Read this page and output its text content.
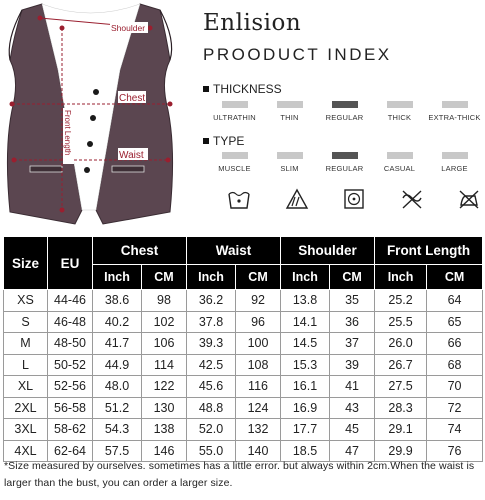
Shoulder
Chest
Waist
Front Length
Enlision
PROODUCT INDEX
THICKNESS
ULTRATHIN	THIN	REGULAR	THICK EXTRA-THICK
TYPE
MUSCLE	SLIM	REGULAR	CASUAL	LARGE
Size	EU	Chest		Waist		Shoulder		Front Length	
		Inch	CM	Inch	CM	Inch	CM	Inch	CM
XS	44-46	38.6	98	36.2	92	13.8	35	25.2	64
S	46-48	40.2	102	37.8	96	14.1	36	25.5	65
M	48-50	41.7	106	39.3	100	14.5	37	26.0	66
L	50-52	44.9	114	42.5	108	15.3	39	26.7	68
XL	52-56	48.0	122	45.6	116	16.1	41	27.5	70
2XL	56-58	51.2	130	48.8	124	16.9	43	28.3	72
3XL	58-62	54.3	138	52.0	132	17.7	45	29.1	74
4XL	62-64	57.5	146	55.0	140	18.5	47	29.9	76
*Size measured by ourselves. sometimes has a little error. but always within 2cm.When the waist is larger than the bust, you can order a larger size.
